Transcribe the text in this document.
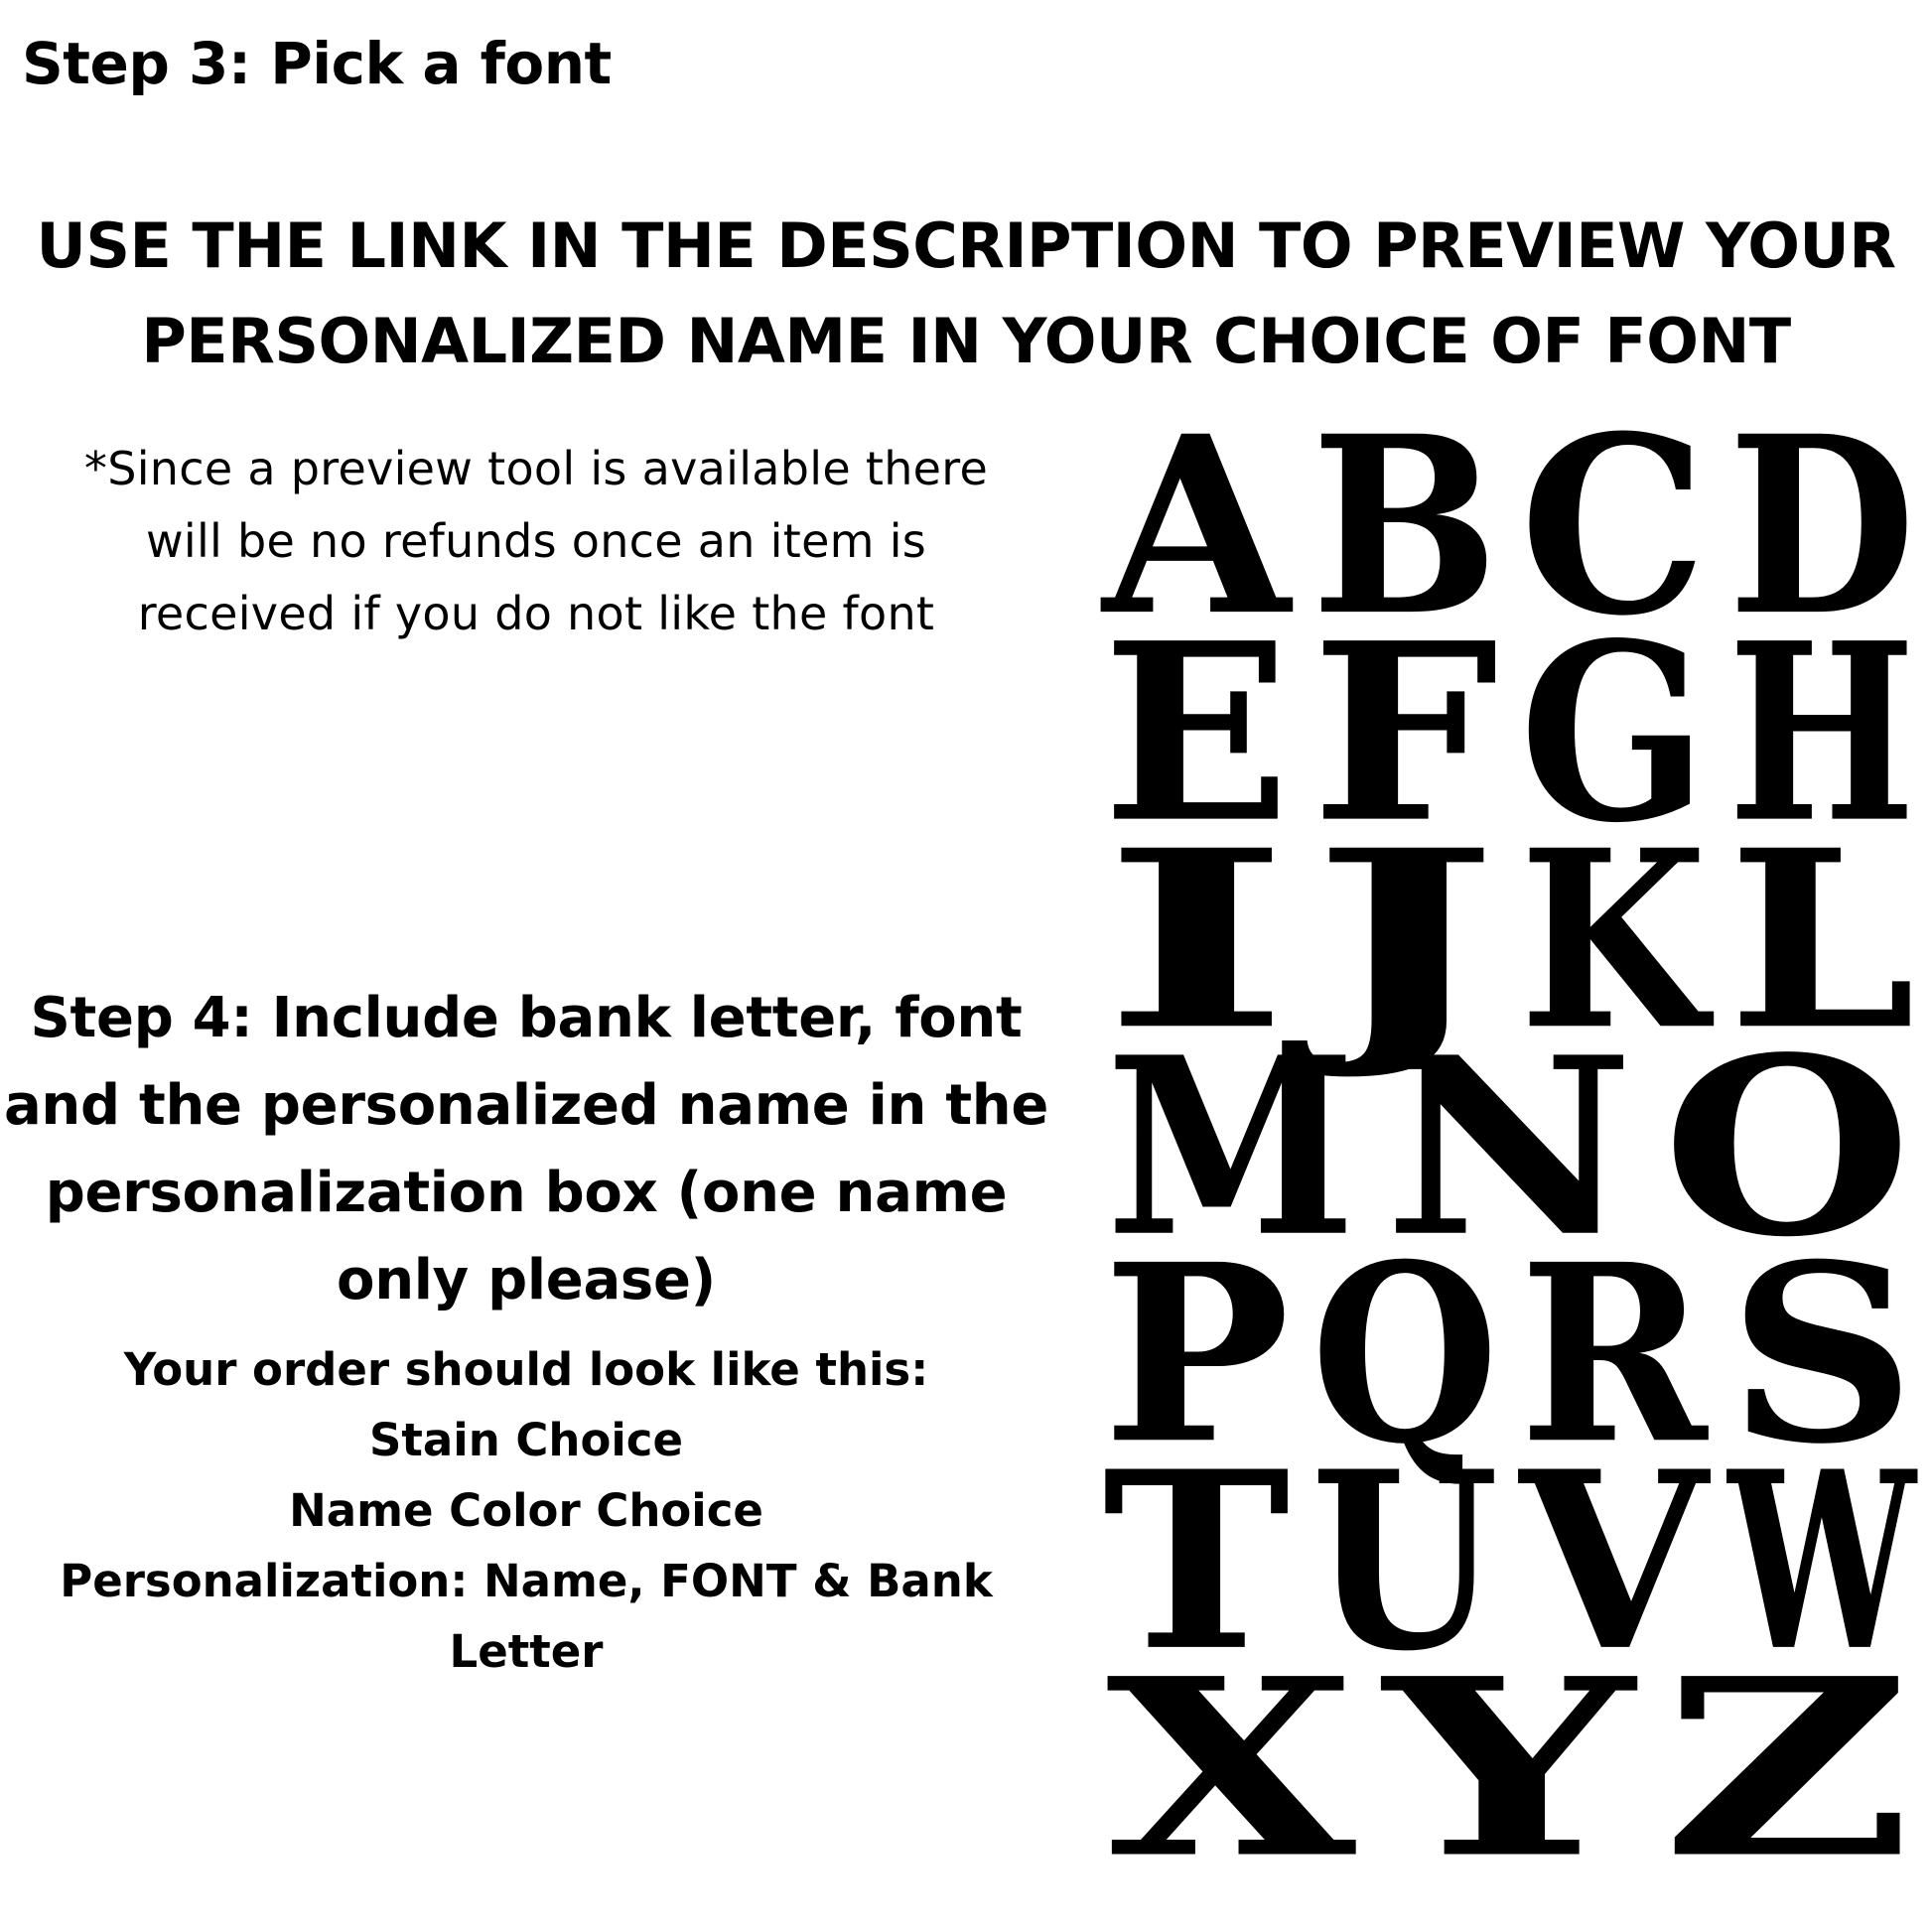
Step 3: Pick a font
USE THE LINK IN THE DESCRIPTION TO PREVIEW YOUR
PERSONALIZED NAME IN YOUR CHOICE OF FONT
*Since a preview tool is available there
will be no refunds once an item is
received if you do not like the font
Step 4: Include bank letter, font
and the personalized name in the
personalization box (one name
only please)
Your order should look like this:
Stain Choice
Name Color Choice
Personalization: Name, FONT & Bank
Letter
A B C D
E F G H
I
J K L
M N O
P Q R S
T U V W
X Y Z
